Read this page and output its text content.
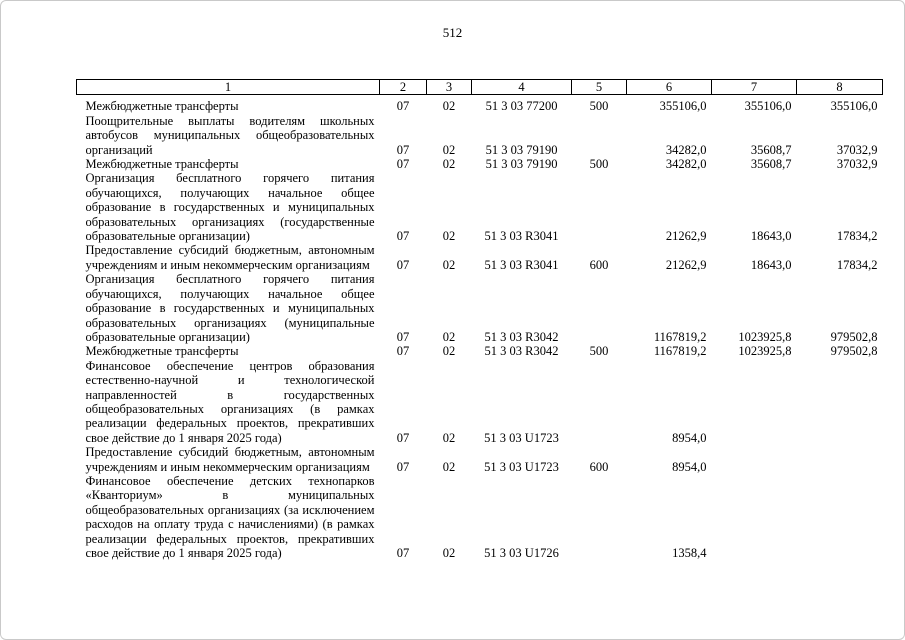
512
1	2	3	4	5	6	7	8
Межбюджетные трансферты	07	02	51 3 03 77200	500	355106,0	355106,0	355106,0
Поощрительные выплаты водителям школьных автобусов муниципальных общеобразовательных организаций	07	02	51 3 03 79190		34282,0	35608,7	37032,9
Межбюджетные трансферты	07	02	51 3 03 79190	500	34282,0	35608,7	37032,9
Организация бесплатного горячего питания обучающихся, получающих начальное общее образование в государственных и муниципальных образовательных организациях (государственные образовательные организации)	07	02	51 3 03 R3041		21262,9	18643,0	17834,2
Предоставление субсидий бюджетным, автономным учреждениям и иным некоммерческим организациям	07	02	51 3 03 R3041	600	21262,9	18643,0	17834,2
Организация бесплатного горячего питания обучающихся, получающих начальное общее образование в государственных и муниципальных образовательных организациях (муниципальные образовательные организации)	07	02	51 3 03 R3042		1167819,2	1023925,8	979502,8
Межбюджетные трансферты	07	02	51 3 03 R3042	500	1167819,2	1023925,8	979502,8
Финансовое обеспечение центров образования естественно-научной и технологической направленностей в государственных общеобразовательных организациях (в рамках реализации федеральных проектов, прекративших свое действие до 1 января 2025 года)	07	02	51 3 03 U1723		8954,0		
Предоставление субсидий бюджетным, автономным учреждениям и иным некоммерческим организациям	07	02	51 3 03 U1723	600	8954,0		
Финансовое обеспечение детских технопарков «Кванториум» в муниципальных общеобразовательных организациях (за исключением расходов на оплату труда с начислениями) (в рамках реализации федеральных проектов, прекративших свое действие до 1 января 2025 года)	07	02	51 3 03 U1726		1358,4		
